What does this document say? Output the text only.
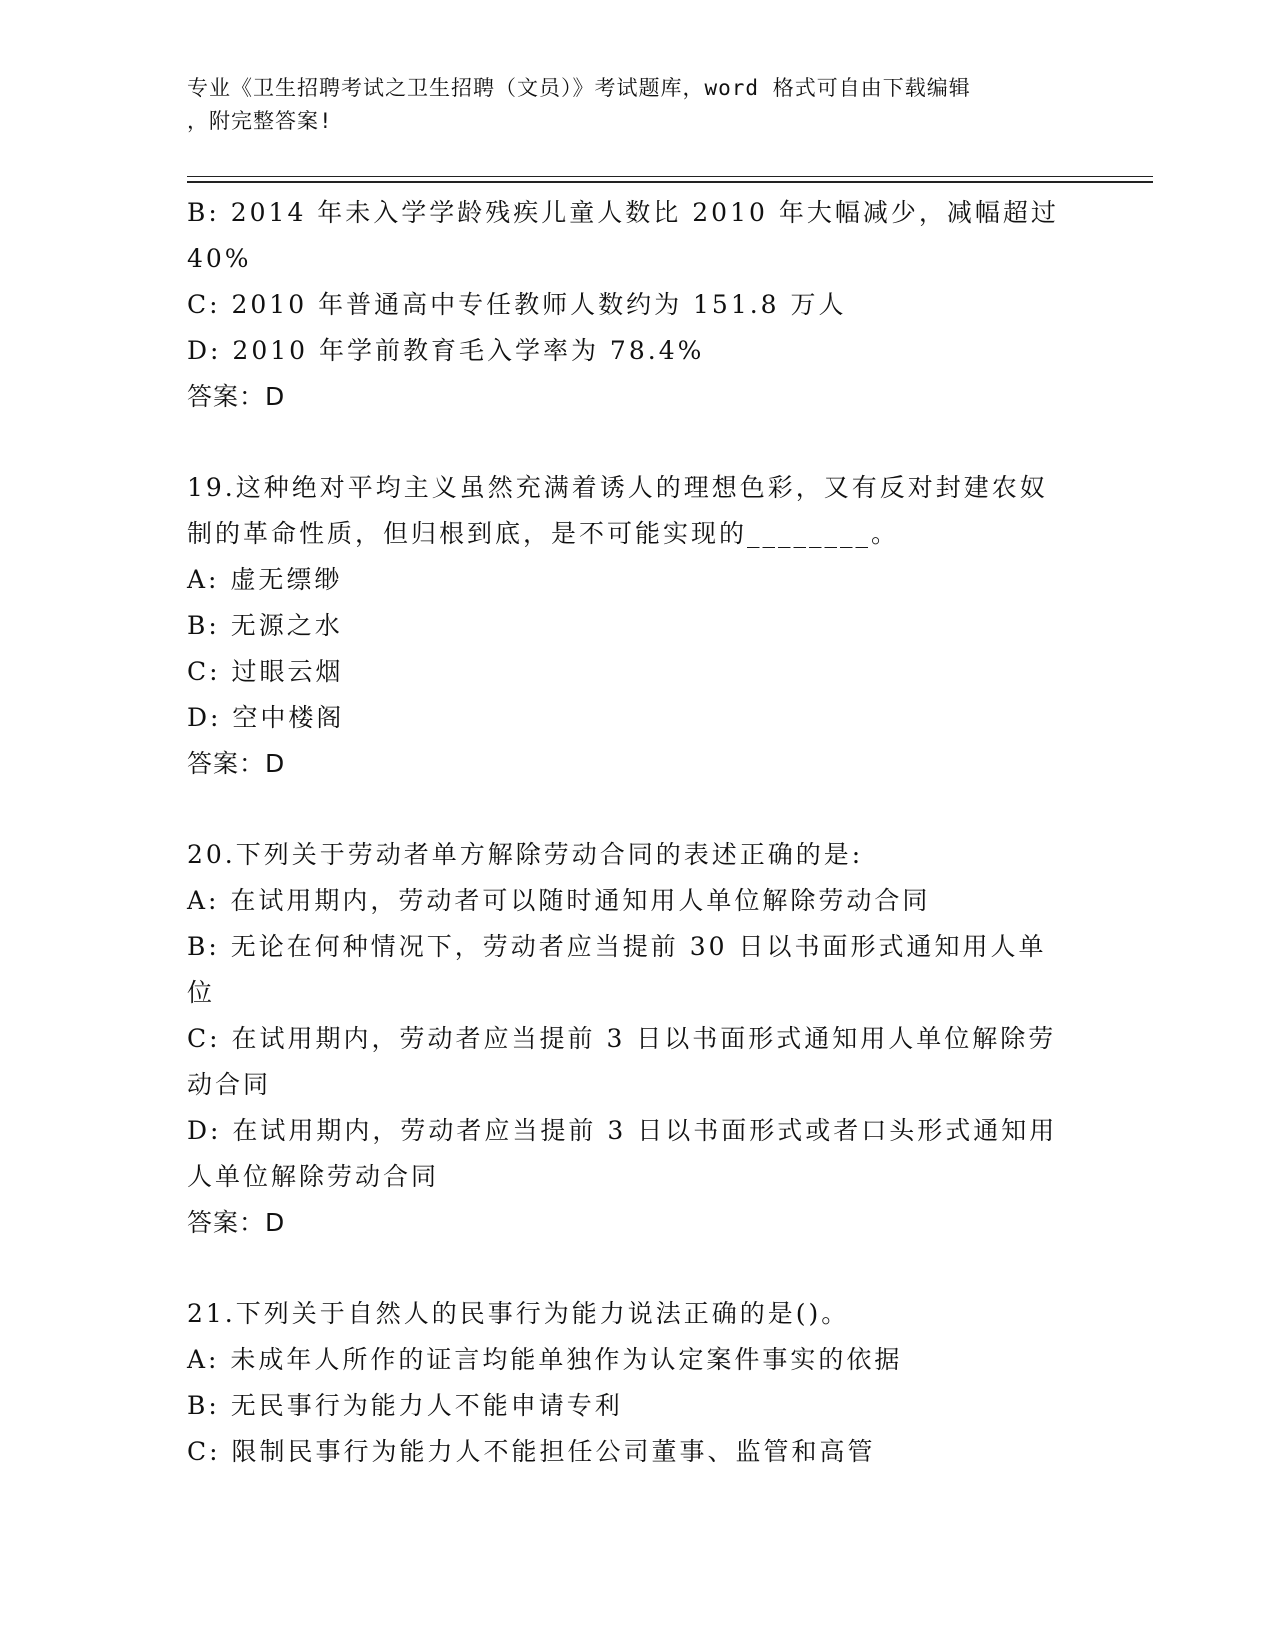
专业《卫生招聘考试之卫生招聘（文员）》考试题库，word 格式可自由下载编辑
，附完整答案!
B: 2014 年未入学学龄残疾儿童人数比 2010 年大幅减少，减幅超过
40%
C: 2010 年普通高中专任教师人数约为 151.8 万人
D: 2010 年学前教育毛入学率为 78.4%
答案：D
19.这种绝对平均主义虽然充满着诱人的理想色彩，又有反对封建农奴
制的革命性质，但归根到底，是不可能实现的________。
A: 虚无缥缈
B: 无源之水
C: 过眼云烟
D: 空中楼阁
答案：D
20.下列关于劳动者单方解除劳动合同的表述正确的是:
A: 在试用期内，劳动者可以随时通知用人单位解除劳动合同
B: 无论在何种情况下，劳动者应当提前 30 日以书面形式通知用人单
位
C: 在试用期内，劳动者应当提前 3 日以书面形式通知用人单位解除劳
动合同
D: 在试用期内，劳动者应当提前 3 日以书面形式或者口头形式通知用
人单位解除劳动合同
答案：D
21.下列关于自然人的民事行为能力说法正确的是()。
A: 未成年人所作的证言均能单独作为认定案件事实的依据
B: 无民事行为能力人不能申请专利
C: 限制民事行为能力人不能担任公司董事、监管和高管
